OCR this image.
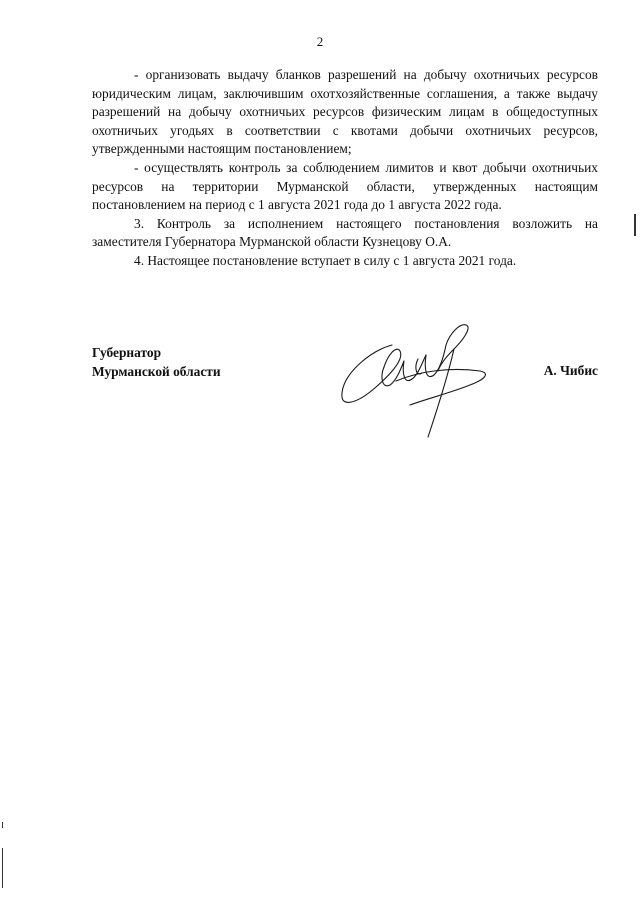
2

- организовать выдачу бланков разрешений на добычу охотничьих ресурсов юридическим лицам, заключившим охотхозяйственные соглашения, а также выдачу разрешений на добычу охотничьих ресурсов физическим лицам в общедоступных охотничьих угодьях в соответствии с квотами добычи охотничьих ресурсов, утвержденными настоящим постановлением;

- осуществлять контроль за соблюдением лимитов и квот добычи охотничьих ресурсов на территории Мурманской области, утвержденных настоящим постановлением на период с 1 августа 2021 года до 1 августа 2022 года.

3. Контроль за исполнением настоящего постановления возложить на заместителя Губернатора Мурманской области Кузнецову О.А.

4. Настоящее постановление вступает в силу с 1 августа 2021 года.

Губернатор
Мурманской области	А. Чибис
